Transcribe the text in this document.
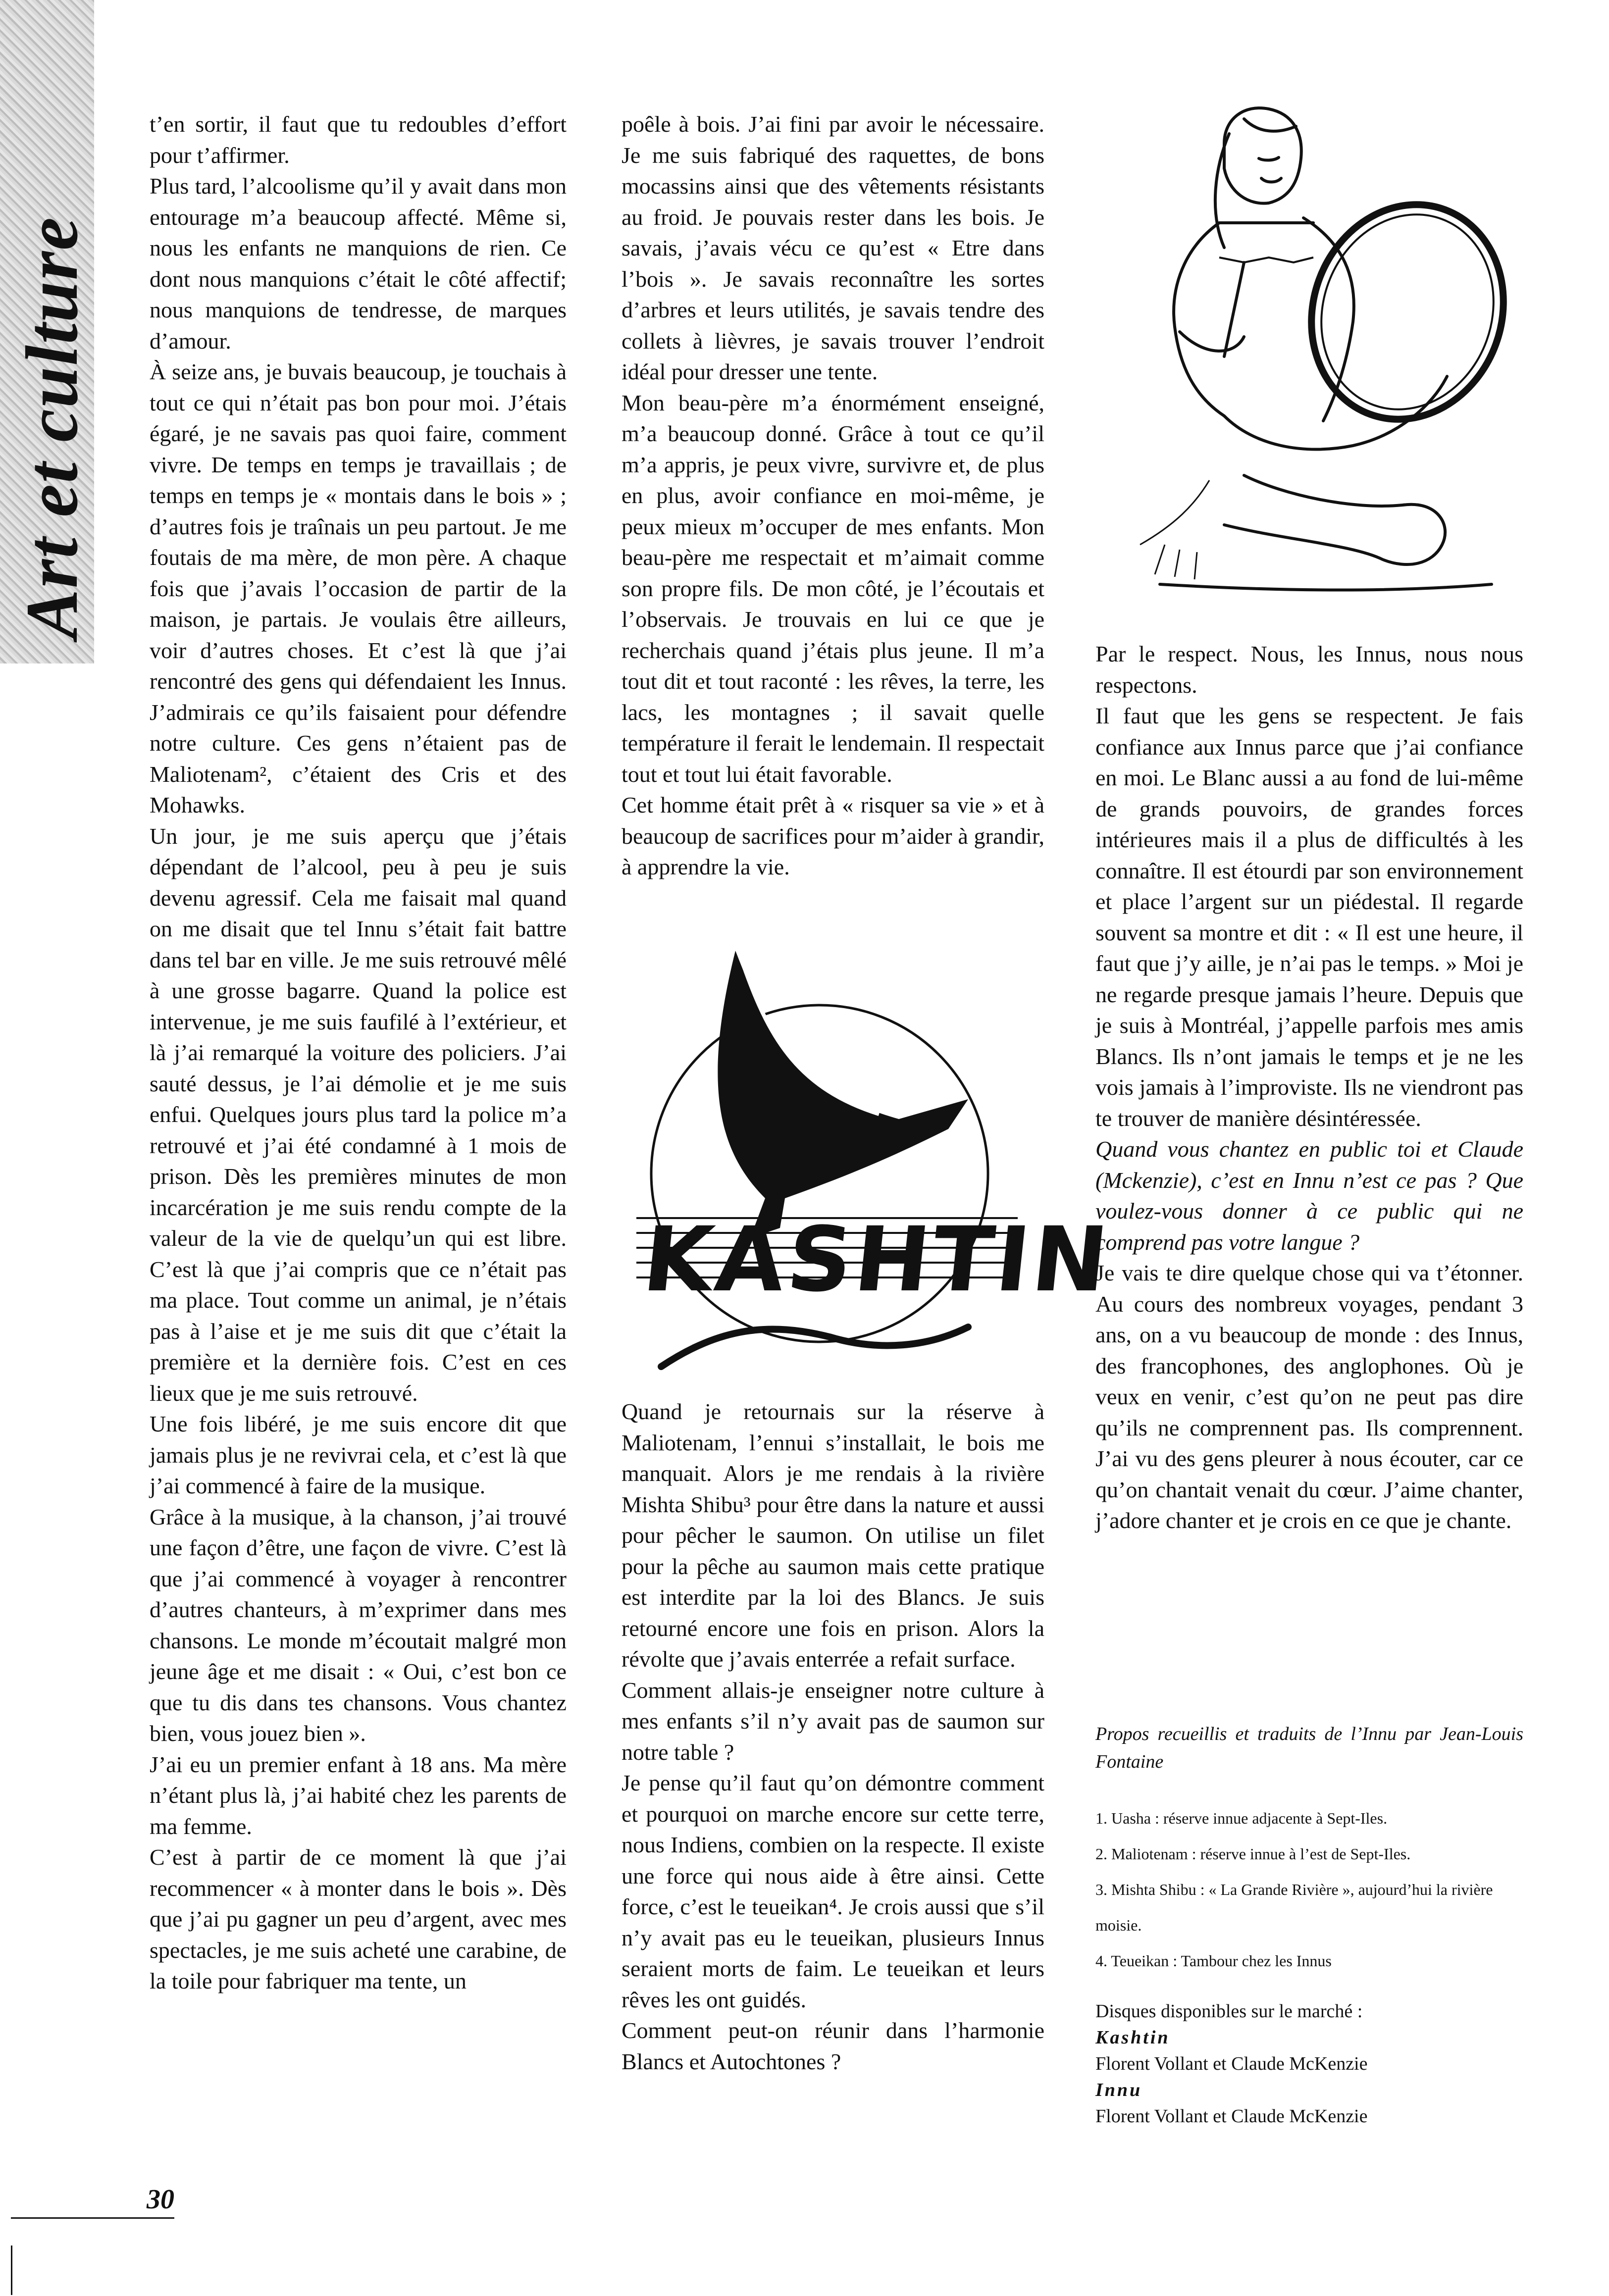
Art et culture

t’en sortir, il faut que tu redoubles d’effort pour t’affirmer.

Plus tard, l’alcoolisme qu’il y avait dans mon entourage m’a beaucoup affecté. Même si, nous les enfants ne manquions de rien. Ce dont nous manquions c’était le côté affectif; nous manquions de tendresse, de marques d’amour.

À seize ans, je buvais beaucoup, je touchais à tout ce qui n’était pas bon pour moi. J’étais égaré, je ne savais pas quoi faire, comment vivre. De temps en temps je travaillais ; de temps en temps je « montais dans le bois » ; d’autres fois je traînais un peu partout. Je me foutais de ma mère, de mon père. A chaque fois que j’avais l’occasion de partir de la maison, je partais. Je voulais être ailleurs, voir d’autres choses. Et c’est là que j’ai rencontré des gens qui défendaient les Innus. J’admirais ce qu’ils faisaient pour défendre notre culture. Ces gens n’étaient pas de Maliotenam², c’étaient des Cris et des Mohawks.

Un jour, je me suis aperçu que j’étais dépendant de l’alcool, peu à peu je suis devenu agressif. Cela me faisait mal quand on me disait que tel Innu s’était fait battre dans tel bar en ville. Je me suis retrouvé mêlé à une grosse bagarre. Quand la police est intervenue, je me suis faufilé à l’extérieur, et là j’ai remarqué la voiture des policiers. J’ai sauté dessus, je l’ai démolie et je me suis enfui. Quelques jours plus tard la police m’a retrouvé et j’ai été condamné à 1 mois de prison. Dès les premières minutes de mon incarcération je me suis rendu compte de la valeur de la vie de quelqu’un qui est libre. C’est là que j’ai compris que ce n’était pas ma place. Tout comme un animal, je n’étais pas à l’aise et je me suis dit que c’était la première et la dernière fois. C’est en ces lieux que je me suis retrouvé.

Une fois libéré, je me suis encore dit que jamais plus je ne revivrai cela, et c’est là que j’ai commencé à faire de la musique.

Grâce à la musique, à la chanson, j’ai trouvé une façon d’être, une façon de vivre. C’est là que j’ai commencé à voyager à rencontrer d’autres chanteurs, à m’exprimer dans mes chansons. Le monde m’écoutait malgré mon jeune âge et me disait : « Oui, c’est bon ce que tu dis dans tes chansons. Vous chantez bien, vous jouez bien ».

J’ai eu un premier enfant à 18 ans. Ma mère n’étant plus là, j’ai habité chez les parents de ma femme.

C’est à partir de ce moment là que j’ai recommencer « à monter dans le bois ». Dès que j’ai pu gagner un peu d’argent, avec mes spectacles, je me suis acheté une carabine, de la toile pour fabriquer ma tente, un

poêle à bois. J’ai fini par avoir le nécessaire. Je me suis fabriqué des raquettes, de bons mocassins ainsi que des vêtements résistants au froid. Je pouvais rester dans les bois. Je savais, j’avais vécu ce qu’est « Etre dans l’bois ». Je savais reconnaître les sortes d’arbres et leurs utilités, je savais tendre des collets à lièvres, je savais trouver l’endroit idéal pour dresser une tente.

Mon beau-père m’a énormément enseigné, m’a beaucoup donné. Grâce à tout ce qu’il m’a appris, je peux vivre, survivre et, de plus en plus, avoir confiance en moi-même, je peux mieux m’occuper de mes enfants. Mon beau-père me respectait et m’aimait comme son propre fils. De mon côté, je l’écoutais et l’observais. Je trouvais en lui ce que je recherchais quand j’étais plus jeune. Il m’a tout dit et tout raconté : les rêves, la terre, les lacs, les montagnes ; il savait quelle température il ferait le lendemain. Il respectait tout et tout lui était favorable.

Cet homme était prêt à « risquer sa vie » et à beaucoup de sacrifices pour m’aider à grandir, à apprendre la vie.

KASHTIN

Quand je retournais sur la réserve à Maliotenam, l’ennui s’installait, le bois me manquait. Alors je me rendais à la rivière Mishta Shibu³ pour être dans la nature et aussi pour pêcher le saumon. On utilise un filet pour la pêche au saumon mais cette pratique est interdite par la loi des Blancs. Je suis retourné encore une fois en prison. Alors la révolte que j’avais enterrée a refait surface.

Comment allais-je enseigner notre culture à mes enfants s’il n’y avait pas de saumon sur notre table ?

Je pense qu’il faut qu’on démontre comment et pourquoi on marche encore sur cette terre, nous Indiens, combien on la respecte. Il existe une force qui nous aide à être ainsi. Cette force, c’est le teueikan⁴. Je crois aussi que s’il n’y avait pas eu le teueikan, plusieurs Innus seraient morts de faim. Le teueikan et leurs rêves les ont guidés.

Comment peut-on réunir dans l’harmonie Blancs et Autochtones ?

Par le respect. Nous, les Innus, nous nous respectons.

Il faut que les gens se respectent. Je fais confiance aux Innus parce que j’ai confiance en moi. Le Blanc aussi a au fond de lui-même de grands pouvoirs, de grandes forces intérieures mais il a plus de difficultés à les connaître. Il est étourdi par son environnement et place l’argent sur un piédestal. Il regarde souvent sa montre et dit : « Il est une heure, il faut que j’y aille, je n’ai pas le temps. » Moi je ne regarde presque jamais l’heure. Depuis que je suis à Montréal, j’appelle parfois mes amis Blancs. Ils n’ont jamais le temps et je ne les vois jamais à l’improviste. Ils ne viendront pas te trouver de manière désintéressée.

Quand vous chantez en public toi et Claude (Mckenzie), c’est en Innu n’est ce pas ? Que voulez-vous donner à ce public qui ne comprend pas votre langue ?

Je vais te dire quelque chose qui va t’étonner. Au cours des nombreux voyages, pendant 3 ans, on a vu beaucoup de monde : des Innus, des francophones, des anglophones. Où je veux en venir, c’est qu’on ne peut pas dire qu’ils ne comprennent pas. Ils comprennent. J’ai vu des gens pleurer à nous écouter, car ce qu’on chantait venait du cœur. J’aime chanter, j’adore chanter et je crois en ce que je chante.

Propos recueillis et traduits de l’Innu par Jean-Louis Fontaine

1. Uasha : réserve innue adjacente à Sept-Iles.
2. Maliotenam : réserve innue à l’est de Sept-Iles.
3. Mishta Shibu : « La Grande Rivière », aujourd’hui la rivière moisie.
4. Teueikan : Tambour chez les Innus
Disques disponibles sur le marché :
Kashtin
Florent Vollant et Claude McKenzie
Innu
Florent Vollant et Claude McKenzie
30
